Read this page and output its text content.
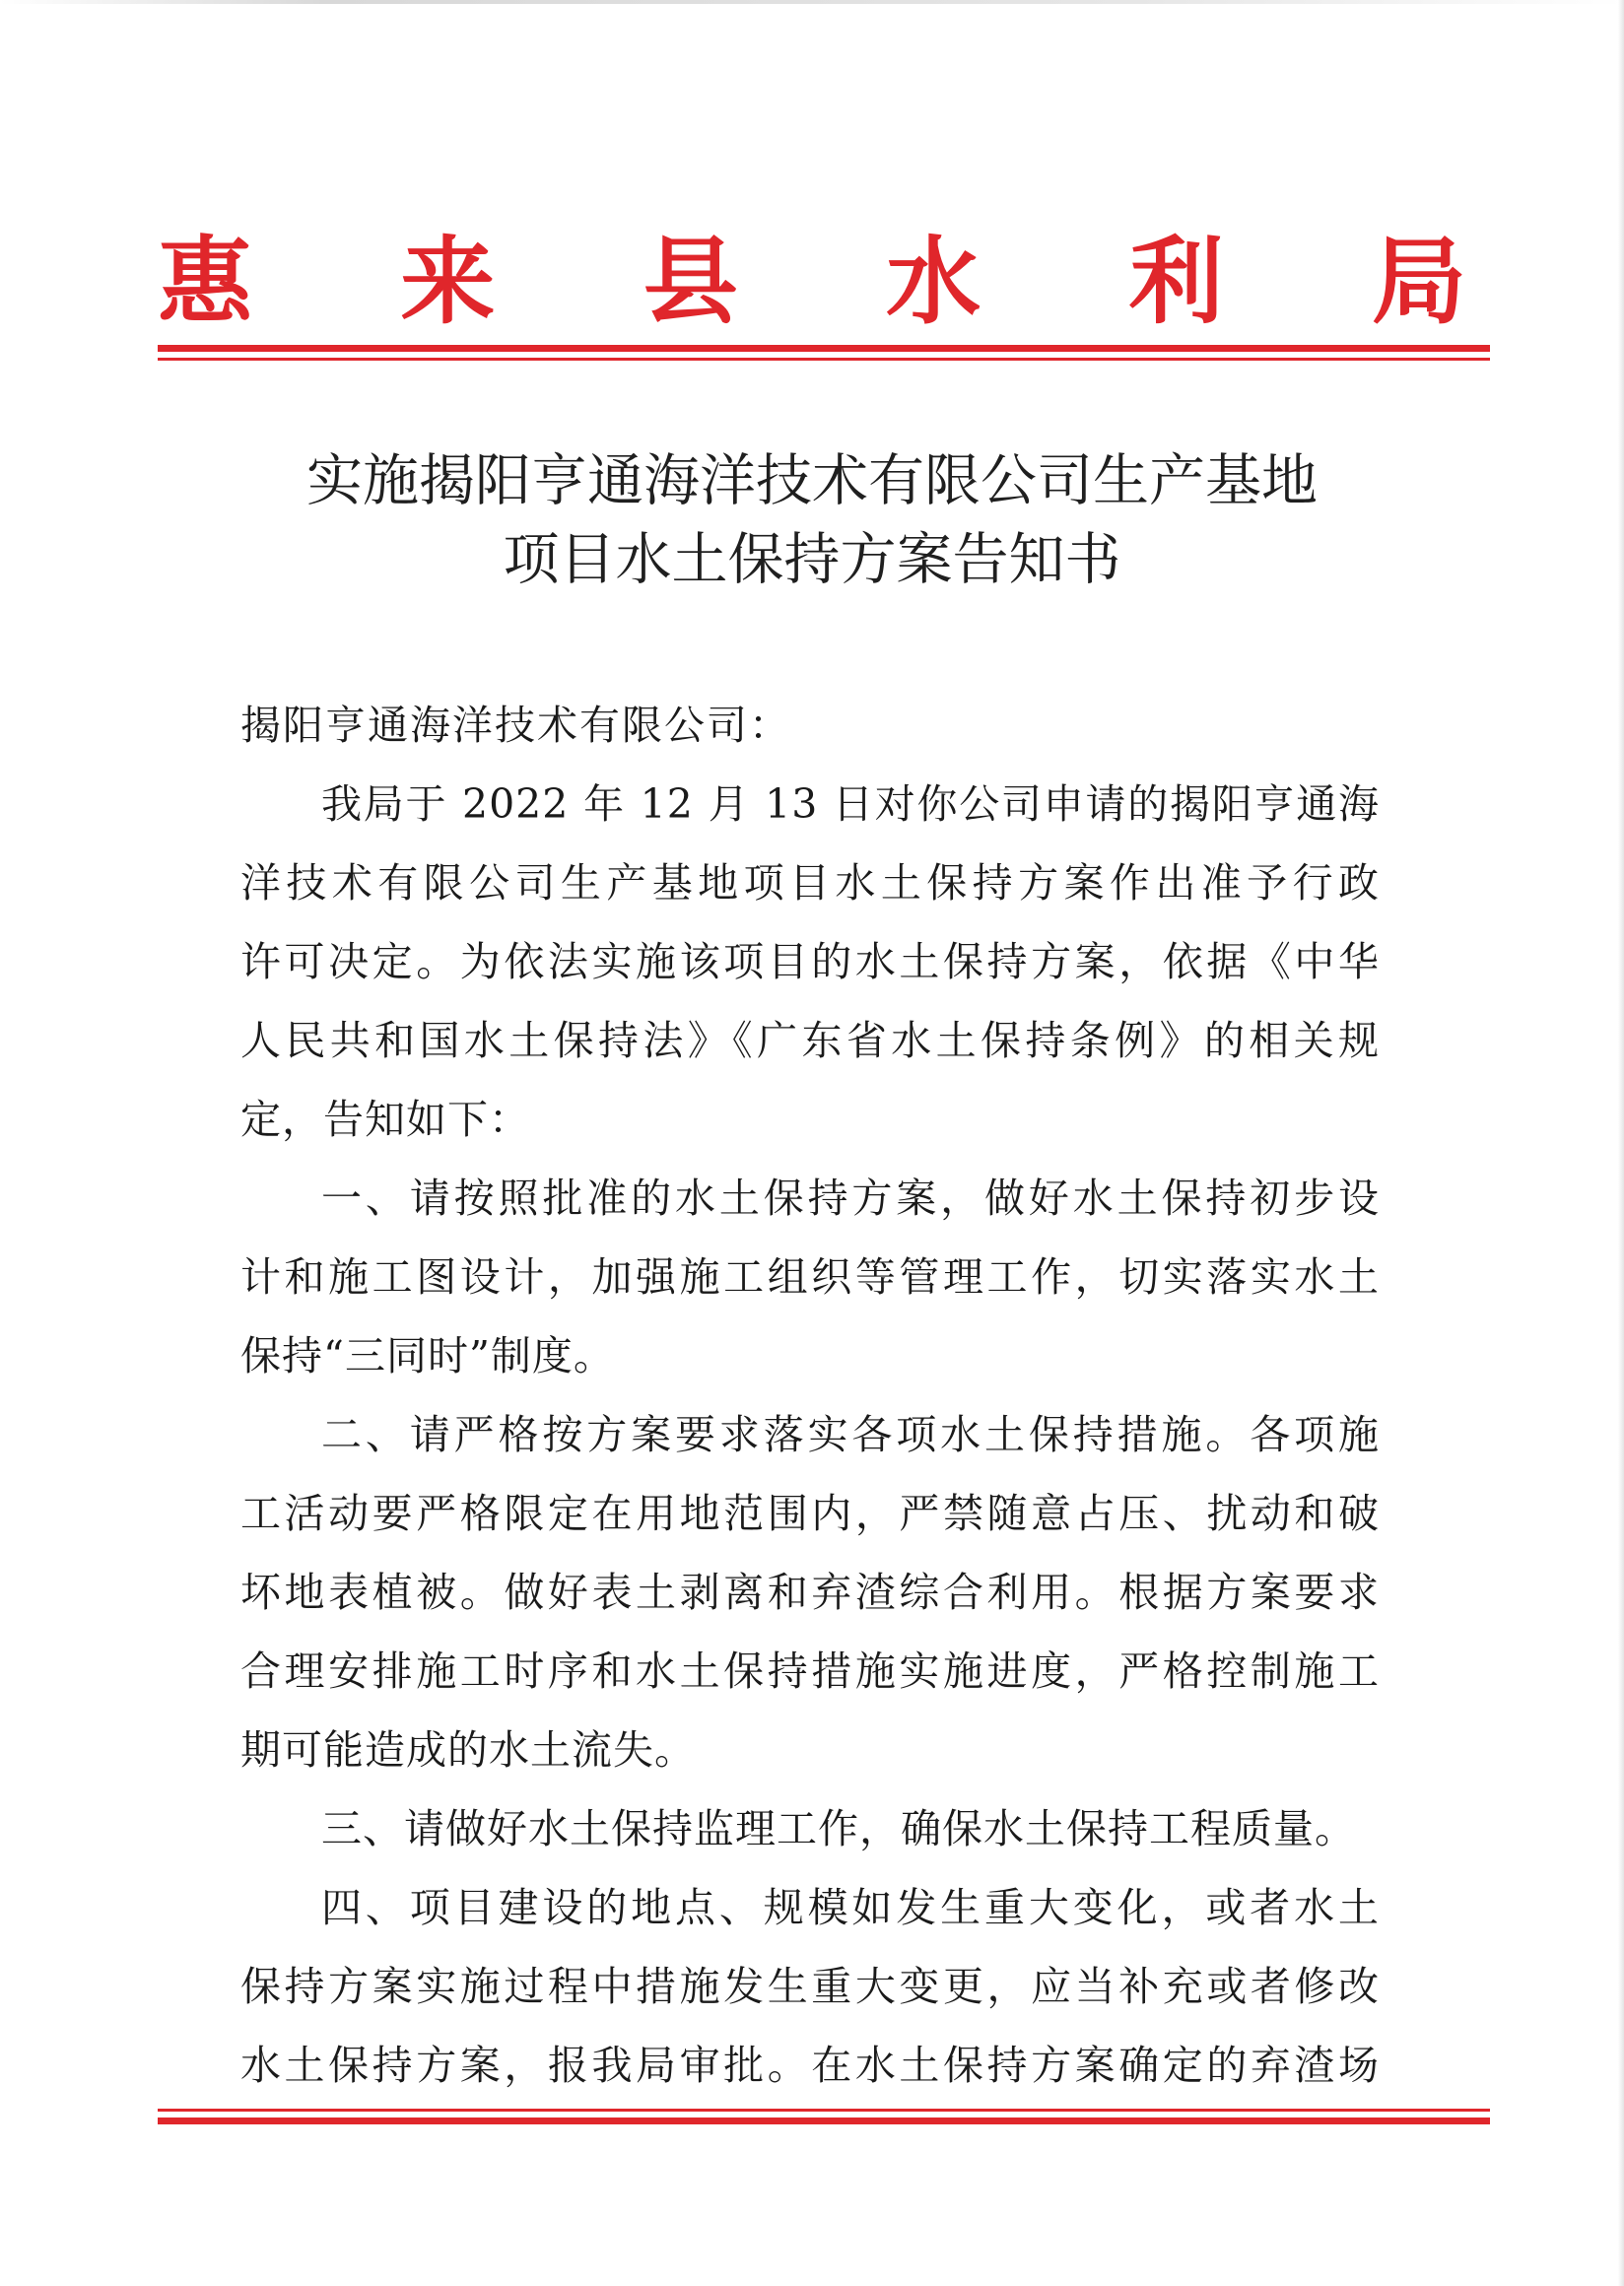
惠 来 县 水 利 局
实施揭阳亨通海洋技术有限公司生产基地
项目水土保持方案告知书
揭阳亨通海洋技术有限公司：
我局于 2022 年 12 月 13 日对你公司申请的揭阳亨通海
洋技术有限公司生产基地项目水土保持方案作出准予行政
许可决定。为依法实施该项目的水土保持方案，依据《中华
人民共和国水土保持法》《广东省水土保持条例》的相关规
定，告知如下：
一、请按照批准的水土保持方案，做好水土保持初步设
计和施工图设计，加强施工组织等管理工作，切实落实水土
保持“三同时”制度。
二、请严格按方案要求落实各项水土保持措施。各项施
工活动要严格限定在用地范围内，严禁随意占压、扰动和破
坏地表植被。做好表土剥离和弃渣综合利用。根据方案要求
合理安排施工时序和水土保持措施实施进度，严格控制施工
期可能造成的水土流失。
三、请做好水土保持监理工作，确保水土保持工程质量。
四、项目建设的地点、规模如发生重大变化，或者水土
保持方案实施过程中措施发生重大变更，应当补充或者修改
水土保持方案，报我局审批。在水土保持方案确定的弃渣场
